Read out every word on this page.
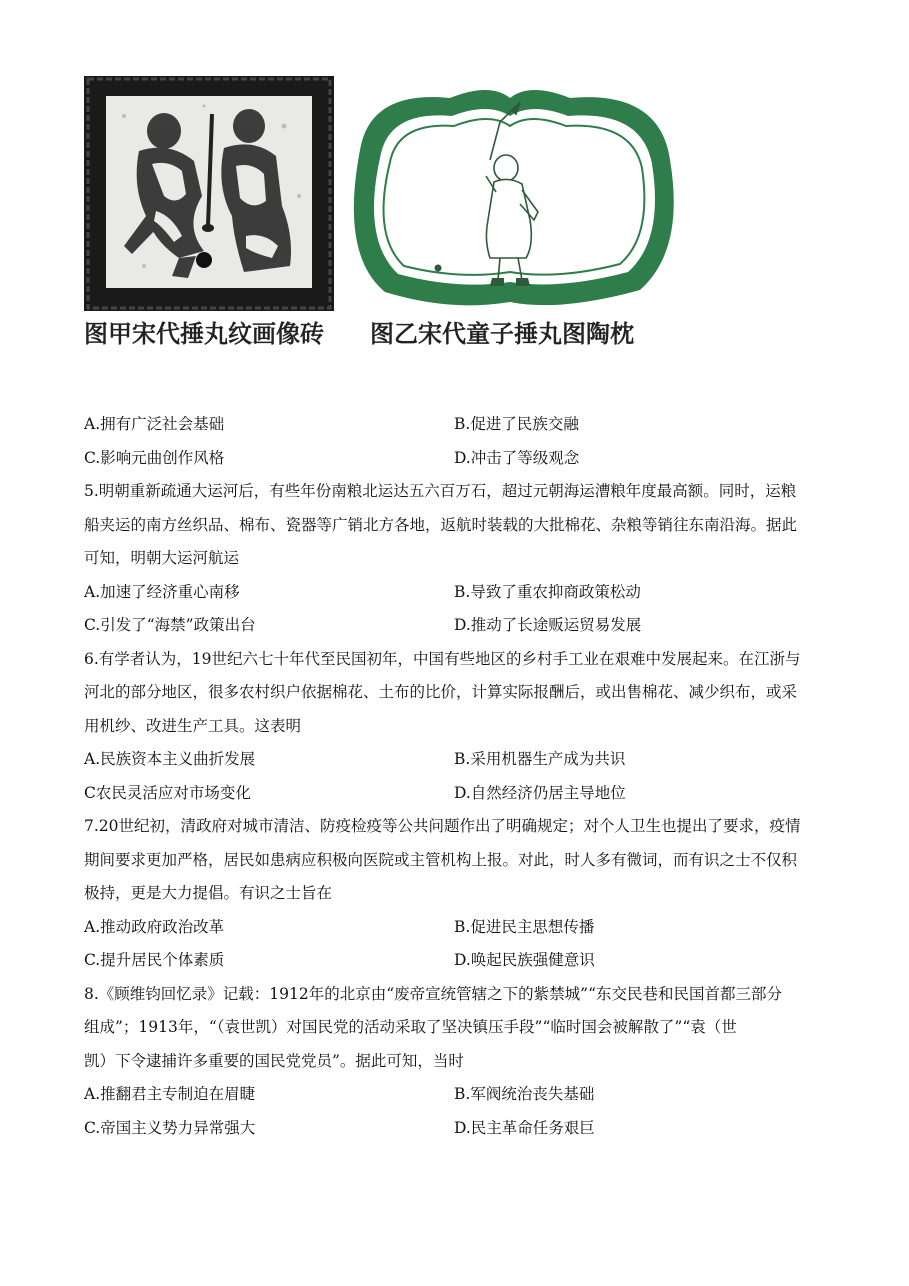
图甲宋代捶丸纹画像砖 图乙宋代童子捶丸图陶枕
A.拥有广泛社会基础	B.促进了民族交融
C.影响元曲创作风格	D.冲击了等级观念
5.明朝重新疏通大运河后，有些年份南粮北运达五六百万石，超过元朝海运漕粮年度最高额。同时，运粮
船夹运的南方丝织品、棉布、瓷器等广销北方各地，返航时装载的大批棉花、杂粮等销往东南沿海。据此
可知，明朝大运河航运
A.加速了经济重心南移	B.导致了重农抑商政策松动
C.引发了“海禁”政策出台	D.推动了长途贩运贸易发展
6.有学者认为，19世纪六七十年代至民国初年，中国有些地区的乡村手工业在艰难中发展起来。在江浙与
河北的部分地区，很多农村织户依据棉花、土布的比价，计算实际报酬后，或出售棉花、减少织布，或采
用机纱、改进生产工具。这表明
A.民族资本主义曲折发展	B.采用机器生产成为共识
C农民灵活应对市场变化	D.自然经济仍居主导地位
7.20世纪初，清政府对城市清洁、防疫检疫等公共问题作出了明确规定；对个人卫生也提出了要求，疫情
期间要求更加严格，居民如患病应积极向医院或主管机构上报。对此，时人多有微词，而有识之士不仅积
极持，更是大力提倡。有识之士旨在
A.推动政府政治改革	B.促进民主思想传播
C.提升居民个体素质	D.唤起民族强健意识
8.《顾维钧回忆录》记载：1912年的北京由“废帝宣统管辖之下的紫禁城”“东交民巷和民国首都三部分
组成”；1913年，“（袁世凯）对国民党的活动采取了坚决镇压手段”“临时国会被解散了”“袁（世
凯）下令逮捕许多重要的国民党党员”。据此可知，当时
A.推翻君主专制迫在眉睫	B.军阀统治丧失基础
C.帝国主义势力异常强大	D.民主革命任务艰巨
